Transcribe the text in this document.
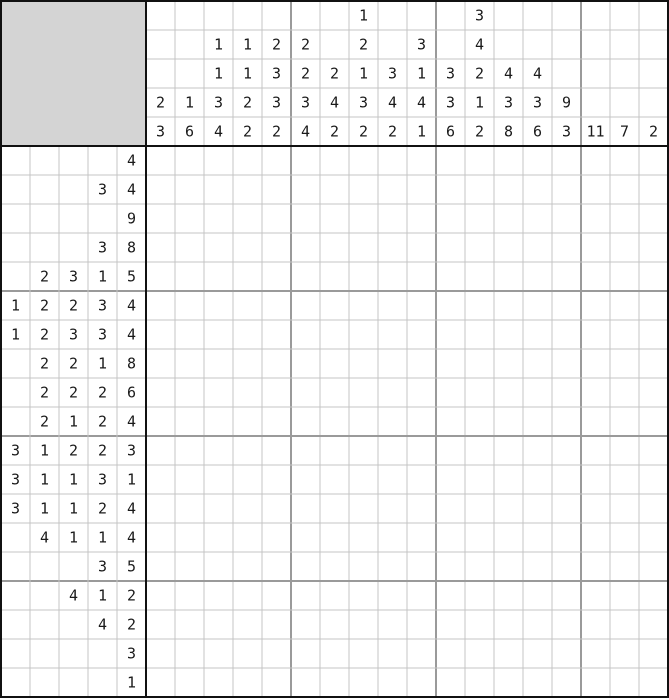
2
3
1
6
1
1
3
4
1
1
2
2
2
3
3
2
2
2
3
4
2
4
2
1
2
1
3
2
3
4
2
3
1
4
1
3
3
6
3
4
2
1
2
4
3
8
4
3
6
9
3 11 7 2
4
3 4
9
3 8
2 3 1 5
1 2 2 3 4
1 2 3 3 4
2 2 1 8
2 2 2 6
2 1 2 4
3 1 2 2 3
3 1 1 3 1
3 1 1 2 4
4 1 1 4
3 5
4 1 2
4 2
3
1
